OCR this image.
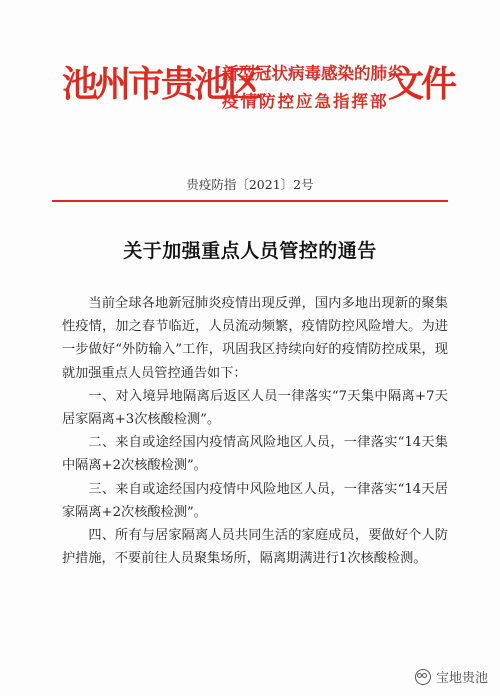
池州市贵池区
新型冠状病毒感染的肺炎
疫情防控应急指挥部 文件
贵疫防指〔2021〕2号
关于加强重点人员管控的通告

当前全球各地新冠肺炎疫情出现反弹，国内多地出现新的聚集性疫情，加之春节临近，人员流动频繁，疫情防控风险增大。为进一步做好“外防输入”工作，巩固我区持续向好的疫情防控成果，现就加强重点人员管控通告如下：

一、对入境异地隔离后返区人员一律落实“7天集中隔离+7天居家隔离+3次核酸检测”。

二、来自或途经国内疫情高风险地区人员，一律落实“14天集中隔离+2次核酸检测”。

三、来自或途经国内疫情中风险地区人员，一律落实“14天居家隔离+2次核酸检测”。

四、所有与居家隔离人员共同生活的家庭成员，要做好个人防护措施，不要前往人员聚集场所，隔离期满进行1次核酸检测。

宝地贵池
